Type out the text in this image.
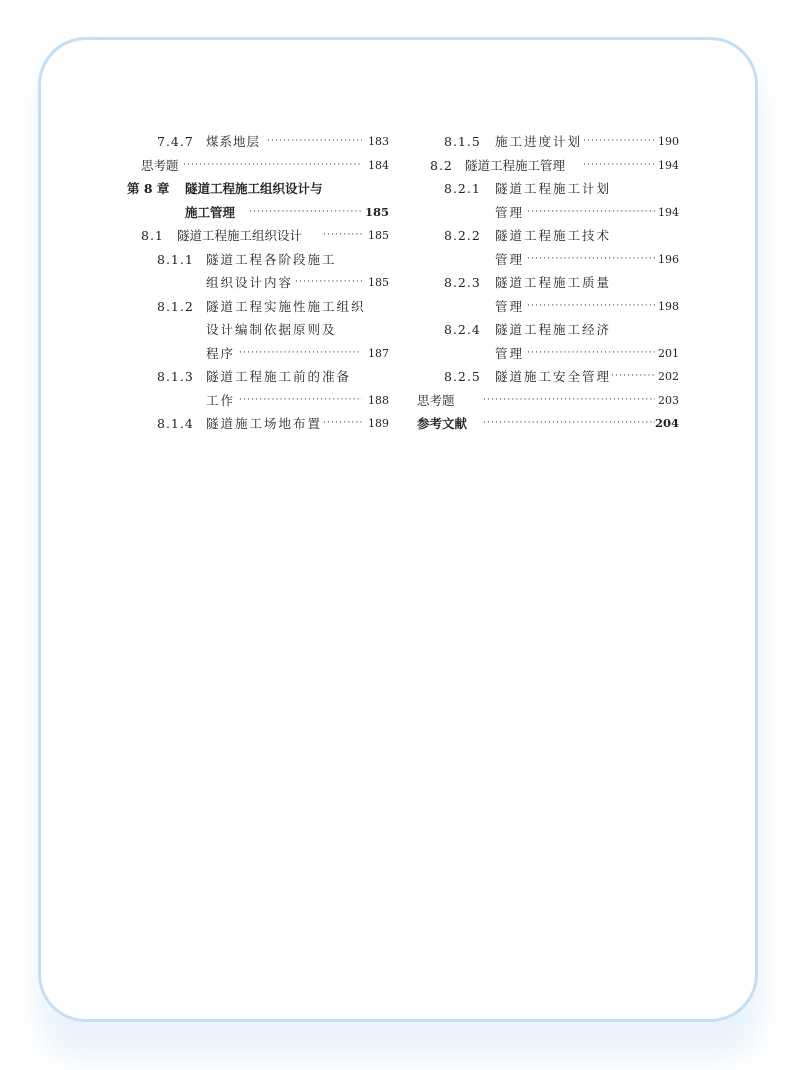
7.4.7 煤系地层 ·····	183
思考题 ·····	184
第 8 章 隧道工程施工组织设计与
施工管理 ·····	185
8.1 隧道工程施工组织设计 ·····	185
8.1.1 隧道工程各阶段施工
组织设计内容 ·····	185
8.1.2 隧道工程实施性施工组织
设计编制依据原则及
程序 ·····	187
8.1.3 隧道工程施工前的准备
工作 ·····	188
8.1.4 隧道施工场地布置 ·····	189
8.1.5 施工进度计划 ·····	190
8.2 隧道工程施工管理 ·····	194
8.2.1 隧道工程施工计划
管理 ·····	194
8.2.2 隧道工程施工技术
管理 ·····	196
8.2.3 隧道工程施工质量
管理 ·····	198
8.2.4 隧道工程施工经济
管理 ·····	201
8.2.5 隧道施工安全管理 ·····	202
思考题 ·····	203
参考文献 ·····	204
